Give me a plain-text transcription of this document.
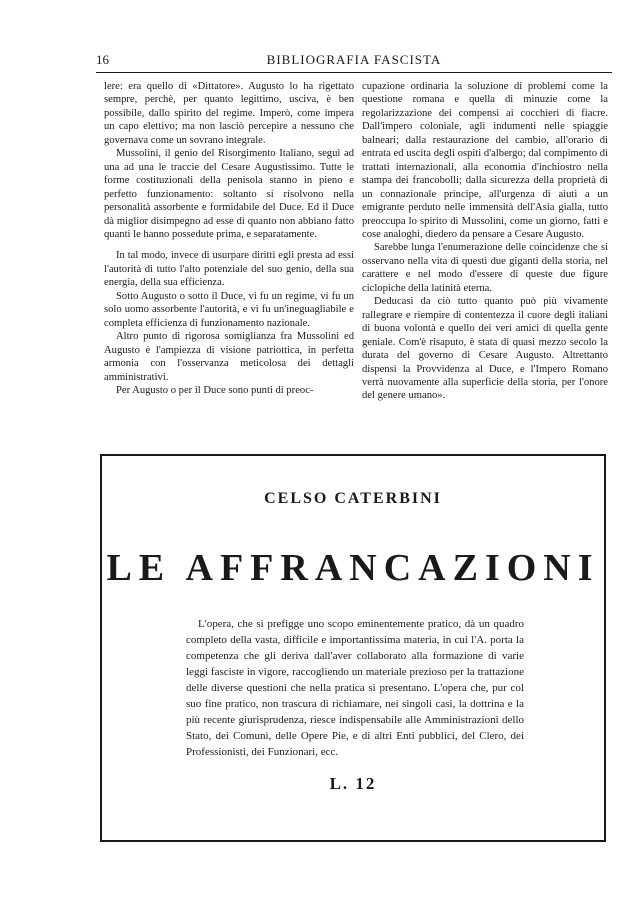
16	BIBLIOGRAFIA FASCISTA

lere: era quello di «Dittatore». Augusto lo ha rigettato sempre, perchè, per quanto legittimo, usciva, è ben possibile, dallo spirito del regime. Imperò, come impera un capo elettivo; ma non lasciò percepire a nessuno che governava come un sovrano integrale.

Mussolini, il genio del Risorgimento Italiano, seguì ad una ad una le traccie del Cesare Augustissimo. Tutte le forme costituzionali della penisola stanno in pieno e perfetto funzionamento: soltanto si risolvono nella personalità assorbente e formidabile del Duce. Ed il Duce dà miglior disimpegno ad esse di quanto non abbiano fatto quanti le hanno possedute prima, e separatamente.

In tal modo, invece di usurpare diritti egli presta ad essi l'autorità di tutto l'alto potenziale del suo genio, della sua energia, della sua efficienza.

Sotto Augusto o sotto il Duce, vi fu un regime, vi fu un solo uomo assorbente l'autorità, e vi fu un'ineguagliabile e completa efficienza di funzionamento nazionale.

Altro punto di rigorosa somiglianza fra Mussolini ed Augusto è l'ampiezza di visione patriottica, in perfetta armonia con l'osservanza meticolosa dei dettagli amministrativi.

Per Augusto o per il Duce sono punti di preoc-

cupazione ordinaria la soluzione di problemi come la questione romana e quella di minuzie come la regolarizzazione dei compensi ai cocchieri di fiacre. Dall'impero coloniale, agli indumenti nelle spiaggie balneari; dalla restaurazione del cambio, all'orario di entrata ed uscita degli ospiti d'albergo; dal compimento di trattati internazionali, alla economia d'inchiostro nella stampa dei francobolli; dalla sicurezza della proprietà di un connazionale principe, all'urgenza di aiuti a un emigrante perduto nelle immensità dell'Asia gialla, tutto preoccupa lo spirito di Mussolini, come un giorno, fatti e cose analoghi, diedero da pensare a Cesare Augusto.

Sarebbe lunga l'enumerazione delle coincidenze che si osservano nella vita di questi due giganti della storia, nel carattere e nel modo d'essere di queste due figure ciclopiche della latinità eterna.

Deducasi da ciò tutto quanto può più vivamente rallegrare e riempire di contentezza il cuore degli italiani di buona volontà e quello dei veri amici di quella gente geniale. Com'è risaputo, è stata di quasi mezzo secolo la durata del governo di Cesare Augusto. Altrettanto dispensi la Provvidenza al Duce, e l'Impero Romano verrà nuovamente alla superficie della storia, per l'onore del genere umano».

CELSO CATERBINI
LE AFFRANCAZIONI

L'opera, che si prefigge uno scopo eminentemente pratico, dà un quadro completo della vasta, difficile e importantissima materia, in cui l'A. porta la competenza che gli deriva dall'aver collaborato alla formazione di varie leggi fasciste in vigore, raccogliendo un materiale prezioso per la trattazione delle diverse questioni che nella pratica si presentano. L'opera che, pur col suo fine pratico, non trascura di richiamare, nei singoli casi, la dottrina e la più recente giurisprudenza, riesce indispensabile alle Amministrazioni dello Stato, dei Comuni, delle Opere Pie, e di altri Enti pubblici, del Clero, dei Professionisti, dei Funzionari, ecc.

L. 12
